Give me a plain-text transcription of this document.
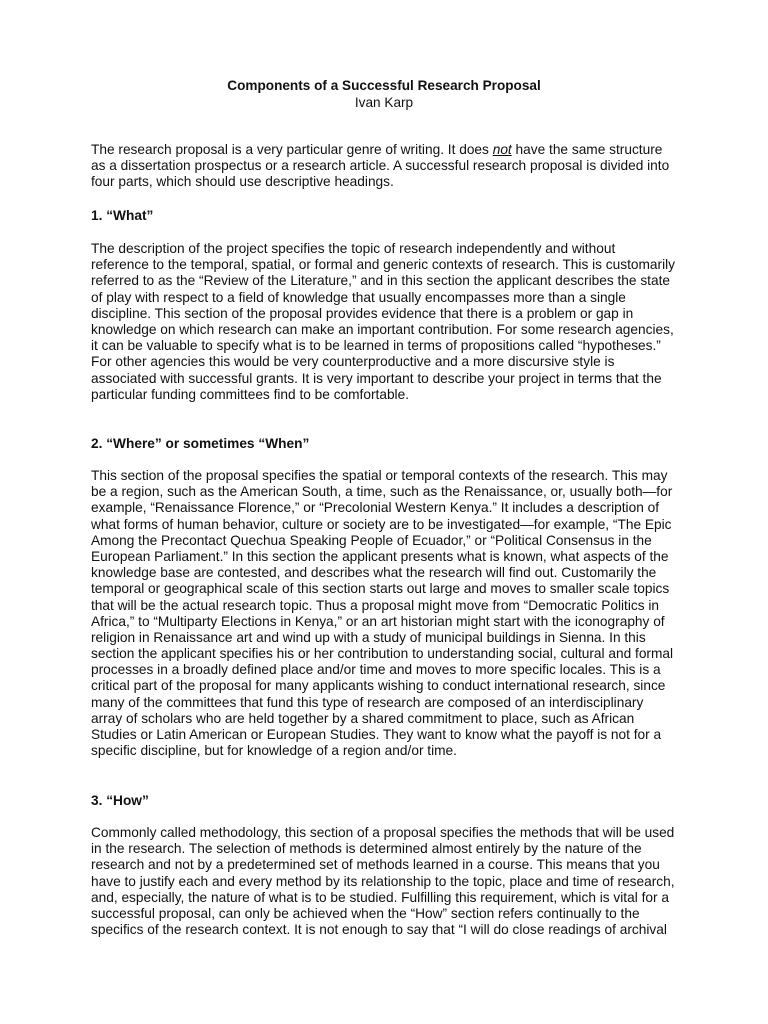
Components of a Successful Research Proposal

Ivan Karp

The research proposal is a very particular genre of writing. It does not have the same structure
as a dissertation prospectus or a research article. A successful research proposal is divided into
four parts, which should use descriptive headings.
1. “What”
The description of the project specifies the topic of research independently and without
reference to the temporal, spatial, or formal and generic contexts of research. This is customarily
referred to as the “Review of the Literature,” and in this section the applicant describes the state
of play with respect to a field of knowledge that usually encompasses more than a single
discipline. This section of the proposal provides evidence that there is a problem or gap in
knowledge on which research can make an important contribution. For some research agencies,
it can be valuable to specify what is to be learned in terms of propositions called “hypotheses.”
For other agencies this would be very counterproductive and a more discursive style is
associated with successful grants. It is very important to describe your project in terms that the
particular funding committees find to be comfortable.
2. “Where” or sometimes “When”
This section of the proposal specifies the spatial or temporal contexts of the research. This may
be a region, such as the American South, a time, such as the Renaissance, or, usually both—for
example, “Renaissance Florence,” or “Precolonial Western Kenya.” It includes a description of
what forms of human behavior, culture or society are to be investigated—for example, “The Epic
Among the Precontact Quechua Speaking People of Ecuador,” or “Political Consensus in the
European Parliament.” In this section the applicant presents what is known, what aspects of the
knowledge base are contested, and describes what the research will find out. Customarily the
temporal or geographical scale of this section starts out large and moves to smaller scale topics
that will be the actual research topic. Thus a proposal might move from “Democratic Politics in
Africa,” to “Multiparty Elections in Kenya,” or an art historian might start with the iconography of
religion in Renaissance art and wind up with a study of municipal buildings in Sienna. In this
section the applicant specifies his or her contribution to understanding social, cultural and formal
processes in a broadly defined place and/or time and moves to more specific locales. This is a
critical part of the proposal for many applicants wishing to conduct international research, since
many of the committees that fund this type of research are composed of an interdisciplinary
array of scholars who are held together by a shared commitment to place, such as African
Studies or Latin American or European Studies. They want to know what the payoff is not for a
specific discipline, but for knowledge of a region and/or time.
3. “How”
Commonly called methodology, this section of a proposal specifies the methods that will be used
in the research. The selection of methods is determined almost entirely by the nature of the
research and not by a predetermined set of methods learned in a course. This means that you
have to justify each and every method by its relationship to the topic, place and time of research,
and, especially, the nature of what is to be studied. Fulfilling this requirement, which is vital for a
successful proposal, can only be achieved when the “How” section refers continually to the
specifics of the research context. It is not enough to say that “I will do close readings of archival
